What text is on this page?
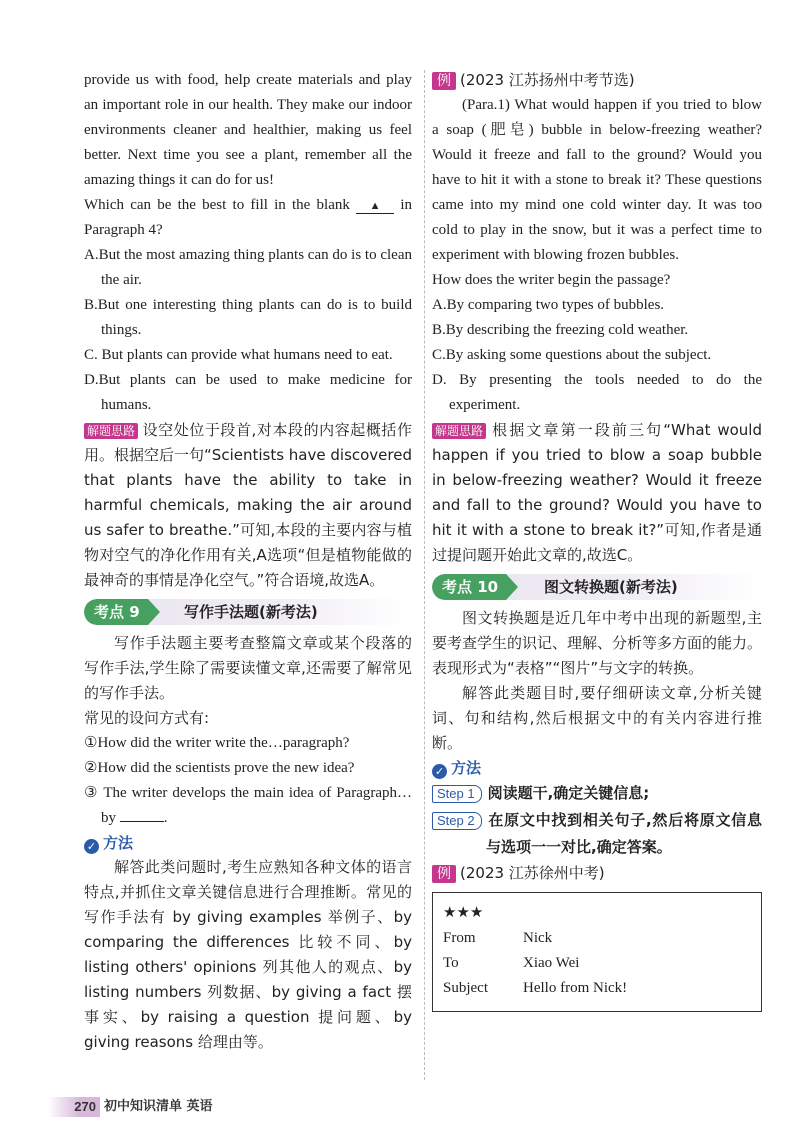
provide us with food, help create materials and play an important role in our health. They make our indoor environments cleaner and healthier, making us feel better. Next time you see a plant, remember all the amazing things it can do for us!

Which can be the best to fill in the blank ▲ in Paragraph 4?

A.But the most amazing thing plants can do is to clean the air.

B.But one interesting thing plants can do is to build things.

C. But plants can provide what humans need to eat.

D.But plants can be used to make medicine for humans.

解题思路 设空处位于段首,对本段的内容起概括作用。根据空后一句“Scientists have discovered that plants have the ability to take in harmful chemicals, making the air around us safer to breathe.”可知,本段的主要内容与植物对空气的净化作用有关,A选项“但是植物能做的最神奇的事情是净化空气。”符合语境,故选A。

考点 9	写作手法题(新考法)

写作手法题主要考查整篇文章或某个段落的写作手法,学生除了需要读懂文章,还需要了解常见的写作手法。

常见的设问方式有:

①How did the writer write the…paragraph?

②How did the scientists prove the new idea?

③ The writer develops the main idea of Paragraph…by	.

✓ 方法

解答此类问题时,考生应熟知各种文体的语言特点,并抓住文章关键信息进行合理推断。常见的写作手法有 by giving examples 举例子、by comparing the differences 比较不同、by listing others' opinions 列其他人的观点、by listing numbers 列数据、by giving a fact 摆事实、by raising a question 提问题、by giving reasons 给理由等。

例 (2023 江苏扬州中考节选)

(Para.1) What would happen if you tried to blow a soap (肥皂) bubble in below-freezing weather? Would it freeze and fall to the ground? Would you have to hit it with a stone to break it? These questions came into my mind one cold winter day. It was too cold to play in the snow, but it was a perfect time to experiment with blowing frozen bubbles.

How does the writer begin the passage?

A.By comparing two types of bubbles.

B.By describing the freezing cold weather.

C.By asking some questions about the subject.

D. By presenting the tools needed to do the experiment.

解题思路 根据文章第一段前三句“What would happen if you tried to blow a soap bubble in below-freezing weather? Would it freeze and fall to the ground? Would you have to hit it with a stone to break it?”可知,作者是通过提问题开始此文章的,故选C。

考点 10	图文转换题(新考法)

图文转换题是近几年中考中出现的新题型,主要考查学生的识记、理解、分析等多方面的能力。表现形式为“表格”“图片”与文字的转换。

解答此类题目时,要仔细研读文章,分析关键词、句和结构,然后根据文中的有关内容进行推断。

✓ 方法

Step 1 阅读题干,确定关键信息;

Step 2 在原文中找到相关句子,然后将原文信息与选项一一对比,确定答案。

例 (2023 江苏徐州中考)

★★★
From	Nick
To	Xiao Wei
Subject Hello from Nick!
270 初中知识清单 英语
